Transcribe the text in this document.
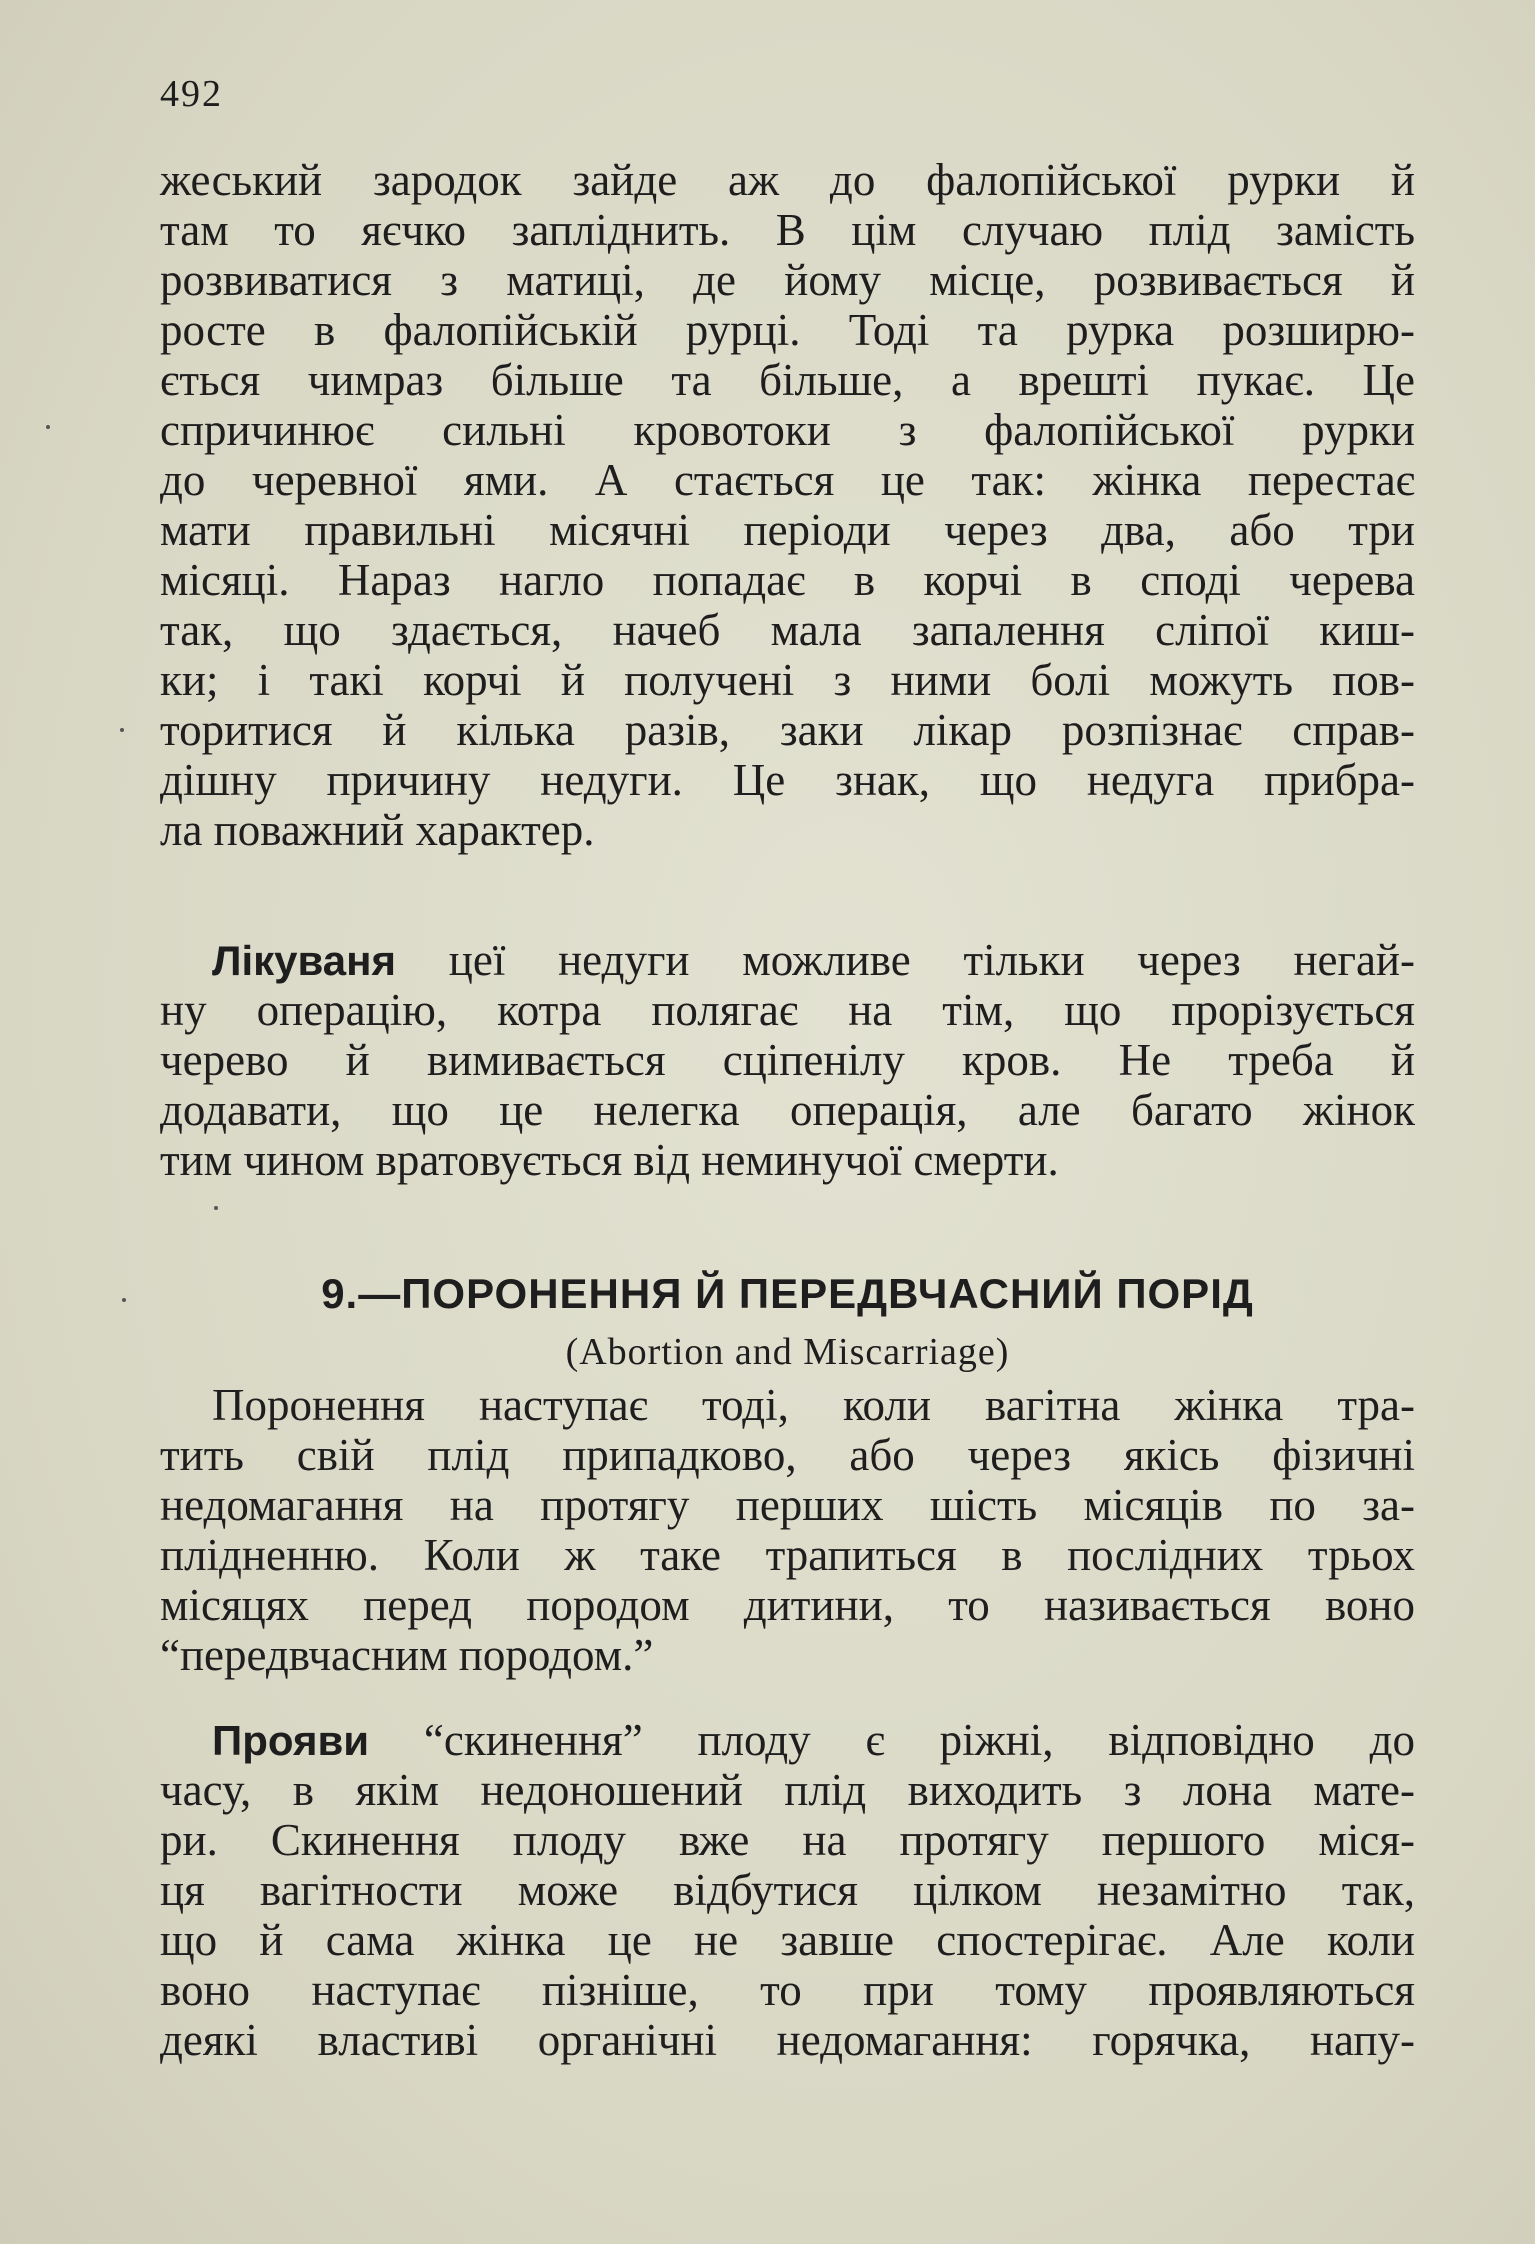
492
жеський зародок зайде аж до фалопійської рурки й
там то яєчко заплiднить. В цім случаю плід замість
розвиватися з матиці, де йому місце, розвивається й
росте в фалопійській рурці. Тоді та рурка розширю-
ється чимраз більше та більше, а врешті пукає. Це
спричинює сильні кровотоки з фалопійської рурки
до черевної ями. А стається це так: жінка перестає
мати правильні місячні періоди через два, або три
місяці. Нараз нагло попадає в корчі в споді черева
так, що здається, начеб мала запалення сліпої киш-
ки; і такі корчі й получені з ними болі можуть пов-
торитися й кілька разів, заки лікар розпізнає справ-
дішну причину недуги. Це знак, що недуга прибра-
ла поважний характер.
Лікуваня цеї недуги можливе тільки через негай-
ну операцію, котра полягає на тім, що прорізується
черево й вимивається сціпенілу кров. Не треба й
додавати, що це нелегка операція, але багато жінок
тим чином вратовується від неминучої смерти.
9.—ПОРОНЕННЯ Й ПЕРЕДВЧАСНИЙ ПОРІД
(Abortion and Miscarriage)
Поронення наступає тоді, коли вагітна жінка тра-
тить свій плід припадково, або через якісь фізичні
недомагання на протягу перших шість місяців по за-
плідненню. Коли ж таке трапиться в послідних трьох
місяцях перед породом дитини, то називається воно
“передвчасним породом.”
Прояви “скинення” плоду є ріжні, відповідно до
часу, в якім недоношений плід виходить з лона мате-
ри. Скинення плоду вже на протягу першого міся-
ця вагітности може відбутися цілком незамітно так,
що й сама жінка це не завше спостерігає. Але коли
воно наступає пізніше, то при тому проявляються
деякі властиві органічні недомагання: горячка, напу-
